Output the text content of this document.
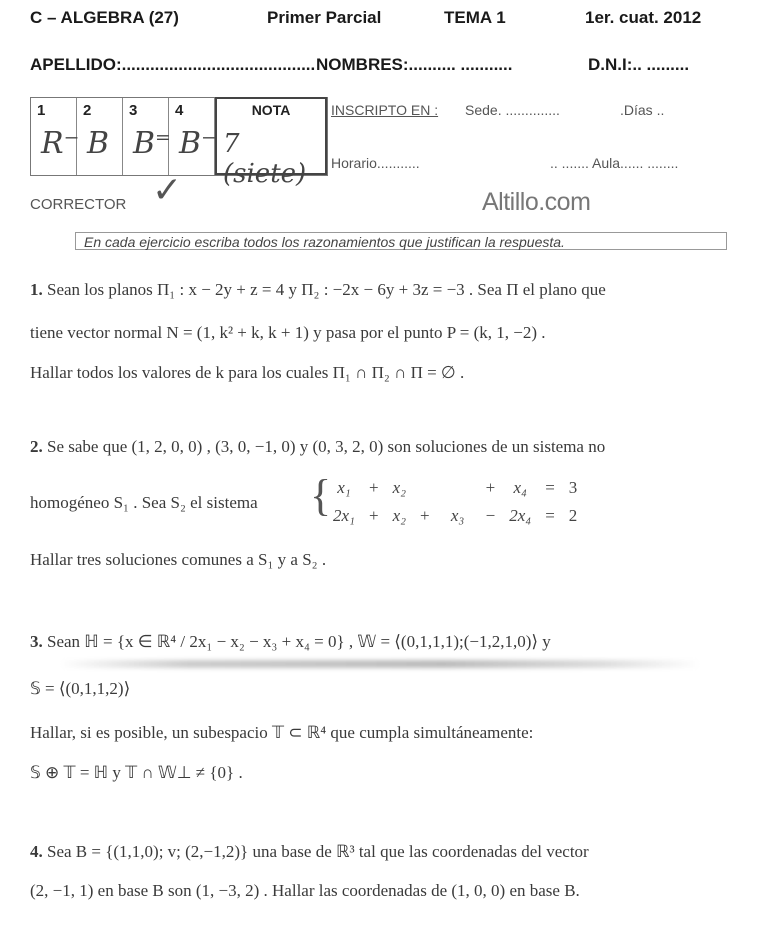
C – ALGEBRA (27)	Primer Parcial	TEMA 1	1er. cuat. 2012
APELLIDO:......................................... NOMBRES:.......... ...........	D.N.I:.. .........
1
R⁻
2
B
3
B⁼
4
B⁻
NOTA
7 (siete)
INSCRIPTO EN : Sede. ..............	.Días ..
Horario...........	.. ....... Aula...... ........
CORRECTOR ✓	Altillo.com
En cada ejercicio escriba todos los razonamientos que justifican la respuesta.
1. Sean los planos Π₁ : x − 2y + z = 4 y Π₂ : −2x − 6y + 3z = −3 . Sea Π el plano que
tiene vector normal N = (1, k² + k, k + 1) y pasa por el punto P = (k, 1, −2) .
Hallar todos los valores de k para los cuales Π₁ ∩ Π₂ ∩ Π = ∅ .
2. Se sabe que (1, 2, 0, 0) , (3, 0, −1, 0) y (0, 3, 2, 0) son soluciones de un sistema no
homogéneo S₁ . Sea S₂ el sistema { x₁	+	x₂			+	x₄	=	3
2x₁	+	x₂	+	x₃	−	2x₄	=	2
Hallar tres soluciones comunes a S₁ y a S₂ .
3. Sean ℍ = {x ∈ ℝ⁴ / 2x₁ − x₂ − x₃ + x₄ = 0} , 𝕎 = ⟨(0,1,1,1);(−1,2,1,0)⟩ y
𝕊 = ⟨(0,1,1,2)⟩
Hallar, si es posible, un subespacio 𝕋 ⊂ ℝ⁴ que cumpla simultáneamente:
𝕊 ⊕ 𝕋 = ℍ y 𝕋 ∩ 𝕎⊥ ≠ {0} .
4. Sea B = {(1,1,0); v; (2,−1,2)} una base de ℝ³ tal que las coordenadas del vector
(2, −1, 1) en base B son (1, −3, 2) . Hallar las coordenadas de (1, 0, 0) en base B.
